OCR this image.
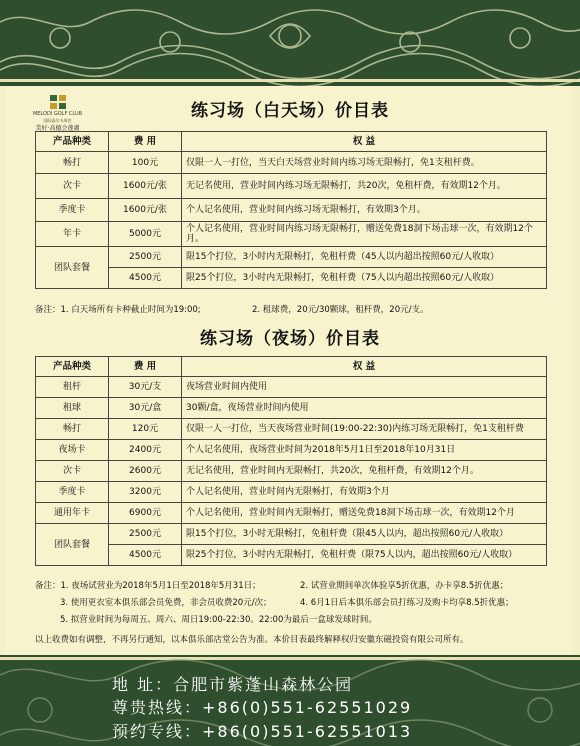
MELODI GOLF CLUB
国际高尔夫球会
美好·高德会莲湖
练习场（白天场）价目表
产品种类	费 用	权 益
畅打	100元	仅限一人一打位，当天白天场营业时间内练习场无限畅打，免1支租杆费。
次卡	1600元/张	无记名使用，营业时间内练习场无限畅打，共20次，免租杆费，有效期12个月。
季度卡	1600元/张	个人记名使用，营业时间内练习场无限畅打，有效期3个月。
年卡	5000元	个人记名使用，营业时间内练习场无限畅打，赠送免费18洞下场击球一次，有效期12个月。
团队套餐	2500元	限15个打位，3小时内无限畅打，免租杆费（45人以内超出按照60元/人收取）
	4500元	限25个打位，3小时内无限畅打，免租杆费（75人以内超出按照60元/人收取）
备注：1. 白天场所有卡种截止时间为19:00;	2. 租球费，20元/30颗球，租杆费，20元/支。
练习场（夜场）价目表
产品种类	费 用	权 益
租杆	30元/支	夜场营业时间内使用
租球	30元/盒	30颗/盒，夜场营业时间内使用
畅打	120元	仅限一人一打位，当天夜场营业时间(19:00-22:30)内练习场无限畅打，免1支租杆费
夜场卡	2400元	个人记名使用，夜场营业时间为2018年5月1日至2018年10月31日
次卡	2600元	无记名使用，营业时间内无限畅打，共20次，免租杆费，有效期12个月。
季度卡	3200元	个人记名使用，营业时间内无限畅打，有效期3个月
通用年卡	6900元	个人记名使用，营业时间内无限畅打，赠送免费18洞下场击球一次，有效期12个月
团队套餐	2500元	限15个打位，3小时无限畅打，免租杆费（限45人以内，超出按照60元/人收取）
	4500元	限25个打位，3小时内无限畅打，免租杆费（限75人以内，超出按照60元/人收取）
备注：1. 夜场试营业为2018年5月1日至2018年5月31日；	2. 试营业期间单次体验享5折优惠，办卡享8.5折优惠；
3. 使用更衣室本俱乐部会员免费，非会员收费20元/次；	4. 6月1日后本俱乐部会员打练习及购卡均享8.5折优惠；
5. 拟营业时间为每周五、周六、周日19:00-22:30。22:00为最后一盒球发球时间。
以上收费如有调整，不再另行通知，以本俱乐部店堂公告为准。本价目表最终解释权归安徽东磁投资有限公司所有。
地 址：合肥市紫蓬山森林公园
尊贵热线：+86(0)551-62551029
预约专线：+86(0)551-62551013
